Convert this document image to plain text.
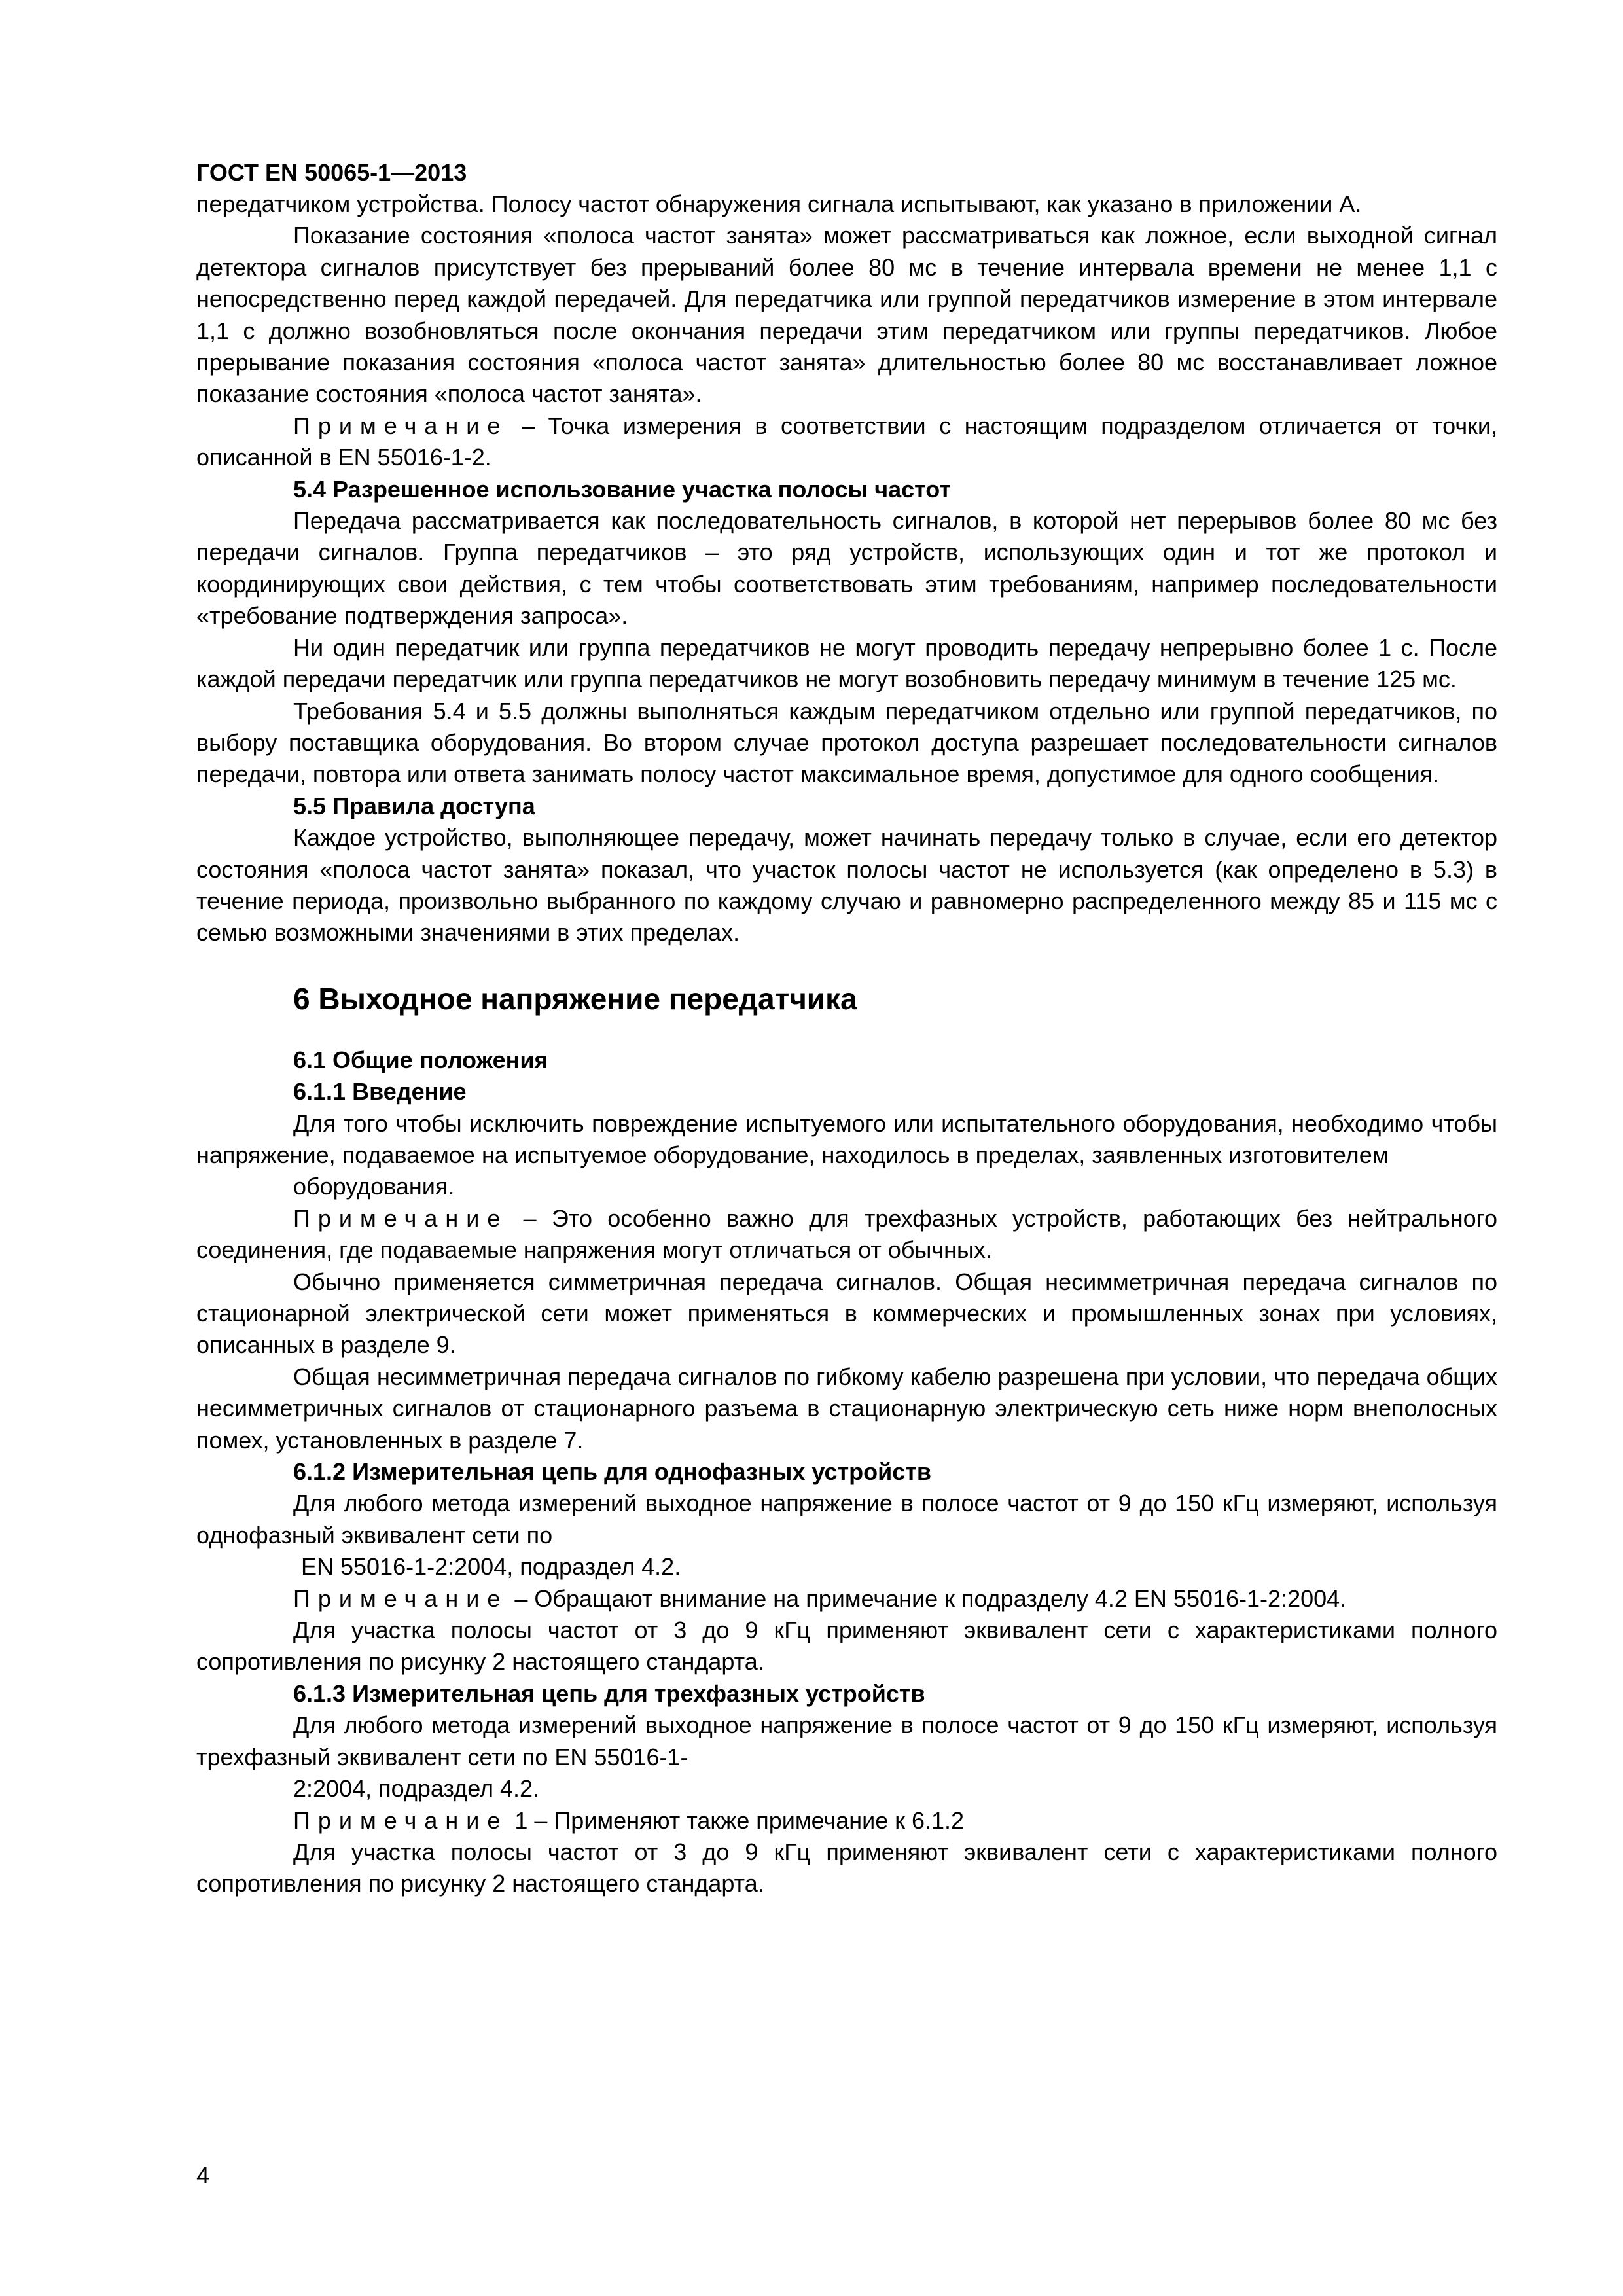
ГОСТ EN 50065-1—2013

передатчиком устройства. Полосу частот обнаружения сигнала испытывают, как указано в приложении А.

Показание состояния «полоса частот занята» может рассматриваться как ложное, если выходной сигнал детектора сигналов присутствует без прерываний более 80 мс в течение интервала времени не менее 1,1 с непосредственно перед каждой передачей. Для передатчика или группой передатчиков измерение в этом интервале 1,1 с должно возобновляться после окончания передачи этим передатчиком или группы передатчиков. Любое прерывание показания состояния «полоса частот занята» длительностью более 80 мс восстанавливает ложное показание состояния «полоса частот занята».

Примечание – Точка измерения в соответствии с настоящим подразделом отличается от точки, описанной в EN 55016-1-2.

5.4 Разрешенное использование участка полосы частот

Передача рассматривается как последовательность сигналов, в которой нет перерывов более 80 мс без передачи сигналов. Группа передатчиков – это ряд устройств, использующих один и тот же протокол и координирующих свои действия, с тем чтобы соответствовать этим требованиям, например последовательности «требование подтверждения запроса».

Ни один передатчик или группа передатчиков не могут проводить передачу непрерывно более 1 с. После каждой передачи передатчик или группа передатчиков не могут возобновить передачу минимум в течение 125 мс.

Требования 5.4 и 5.5 должны выполняться каждым передатчиком отдельно или группой передатчиков, по выбору поставщика оборудования. Во втором случае протокол доступа разрешает последовательности сигналов передачи, повтора или ответа занимать полосу частот максимальное время, допустимое для одного сообщения.

5.5 Правила доступа

Каждое устройство, выполняющее передачу, может начинать передачу только в случае, если его детектор состояния «полоса частот занята» показал, что участок полосы частот не используется (как определено в 5.3) в течение периода, произвольно выбранного по каждому случаю и равномерно распределенного между 85 и 115 мс с семью возможными значениями в этих пределах.

6 Выходное напряжение передатчика

6.1 Общие положения

6.1.1 Введение

Для того чтобы исключить повреждение испытуемого или испытательного оборудования, необходимо чтобы напряжение, подаваемое на испытуемое оборудование, находилось в пределах, заявленных изготовителем

оборудования.

Примечание – Это особенно важно для трехфазных устройств, работающих без нейтрального соединения, где подаваемые напряжения могут отличаться от обычных.

Обычно применяется симметричная передача сигналов. Общая несимметричная передача сигналов по стационарной электрической сети может применяться в коммерческих и промышленных зонах при условиях, описанных в разделе 9.

Общая несимметричная передача сигналов по гибкому кабелю разрешена при условии, что передача общих несимметричных сигналов от стационарного разъема в стационарную электрическую сеть ниже норм внеполосных помех, установленных в разделе 7.

6.1.2 Измерительная цепь для однофазных устройств

Для любого метода измерений выходное напряжение в полосе частот от 9 до 150 кГц измеряют, используя однофазный эквивалент сети по

EN 55016-1-2:2004, подраздел 4.2.

Примечание – Обращают внимание на примечание к подразделу 4.2 EN 55016-1-2:2004.

Для участка полосы частот от 3 до 9 кГц применяют эквивалент сети с характеристиками полного сопротивления по рисунку 2 настоящего стандарта.

6.1.3 Измерительная цепь для трехфазных устройств

Для любого метода измерений выходное напряжение в полосе частот от 9 до 150 кГц измеряют, используя трехфазный эквивалент сети по EN 55016-1-

2:2004, подраздел 4.2.

Примечание 1 – Применяют также примечание к 6.1.2

Для участка полосы частот от 3 до 9 кГц применяют эквивалент сети с характеристиками полного сопротивления по рисунку 2 настоящего стандарта.

4
